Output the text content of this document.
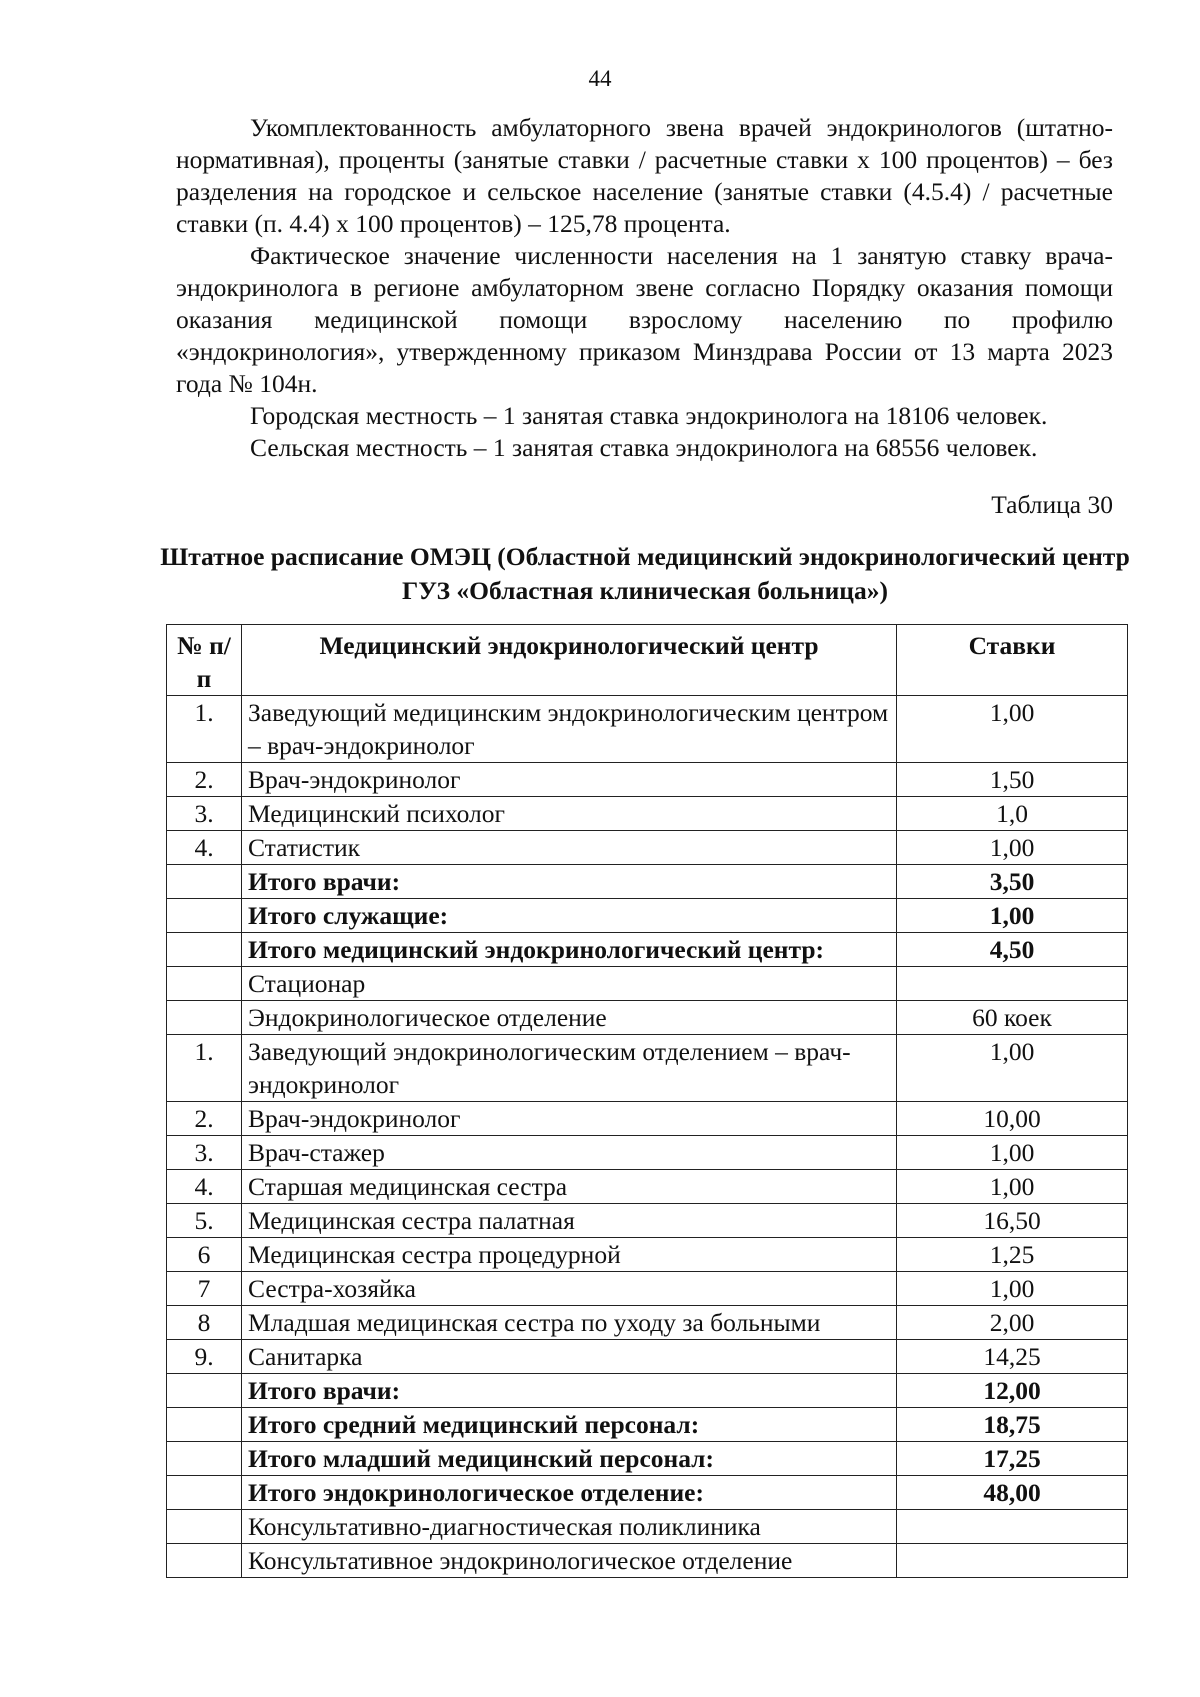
44

Укомплектованность амбулаторного звена врачей эндокринологов (штатно-нормативная), проценты (занятые ставки / расчетные ставки х 100 процентов) – без разделения на городское и сельское население (занятые ставки (4.5.4) / расчетные ставки (п. 4.4) х 100 процентов) – 125,78 процента.

Фактическое значение численности населения на 1 занятую ставку врача-эндокринолога в регионе амбулаторном звене согласно Порядку оказания помощи оказания медицинской помощи взрослому населению по профилю «эндокринология», утвержденному приказом Минздрава России от 13 марта 2023 года № 104н.

Городская местность – 1 занятая ставка эндокринолога на 18106 человек.

Сельская местность – 1 занятая ставка эндокринолога на 68556 человек.

Таблица 30
Штатное расписание ОМЭЦ (Областной медицинский эндокринологический центр ГУЗ «Областная клиническая больница»)
№ п/п	Медицинский эндокринологический центр	Ставки
1.	Заведующий медицинским эндокринологическим центром – врач-эндокринолог	1,00
2.	Врач-эндокринолог	1,50
3.	Медицинский психолог	1,0
4.	Статистик	1,00
	Итого врачи:	3,50
	Итого служащие:	1,00
	Итого медицинский эндокринологический центр:	4,50
	Стационар	
	Эндокринологическое отделение	60 коек
1.	Заведующий эндокринологическим отделением – врач-эндокринолог	1,00
2.	Врач-эндокринолог	10,00
3.	Врач-стажер	1,00
4.	Старшая медицинская сестра	1,00
5.	Медицинская сестра палатная	16,50
6	Медицинская сестра процедурной	1,25
7	Сестра-хозяйка	1,00
8	Младшая медицинская сестра по уходу за больными	2,00
9.	Санитарка	14,25
	Итого врачи:	12,00
	Итого средний медицинский персонал:	18,75
	Итого младший медицинский персонал:	17,25
	Итого эндокринологическое отделение:	48,00
	Консультативно-диагностическая поликлиника	
	Консультативное эндокринологическое отделение	
